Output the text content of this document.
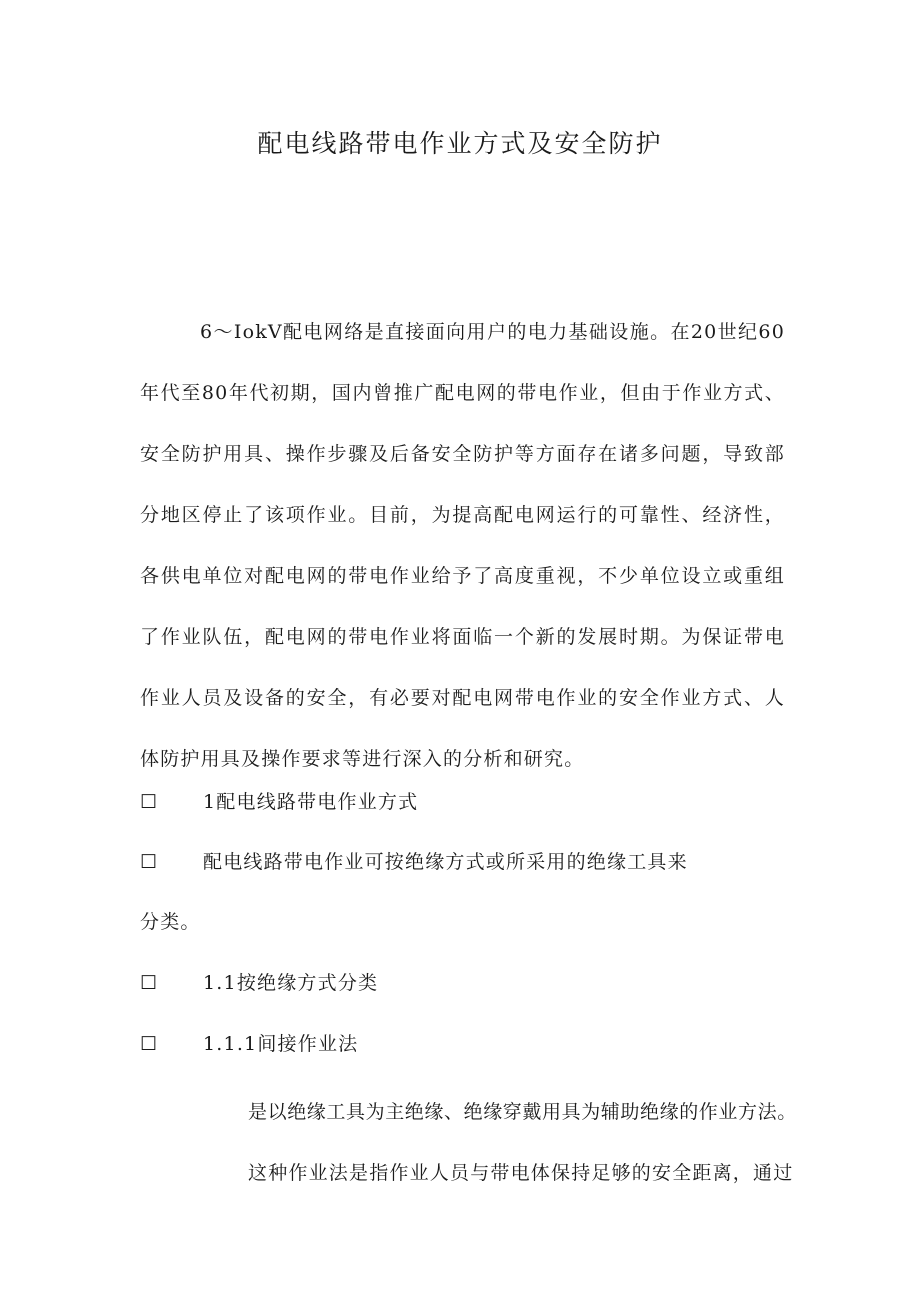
配电线路带电作业方式及安全防护

6～IokV配电网络是直接面向用户的电力基础设施。在20世纪60年代至80年代初期，国内曾推广配电网的带电作业，但由于作业方式、安全防护用具、操作步骤及后备安全防护等方面存在诸多问题，导致部分地区停止了该项作业。目前，为提高配电网运行的可靠性、经济性，各供电单位对配电网的带电作业给予了高度重视，不少单位设立或重组了作业队伍，配电网的带电作业将面临一个新的发展时期。为保证带电作业人员及设备的安全，有必要对配电网带电作业的安全作业方式、人体防护用具及操作要求等进行深入的分析和研究。

☐ 1配电线路带电作业方式
☐ 配电线路带电作业可按绝缘方式或所采用的绝缘工具来
分类。
☐ 1.1按绝缘方式分类
☐ 1.1.1间接作业法
是以绝缘工具为主绝缘、绝缘穿戴用具为辅助绝缘的作业方法。
这种作业法是指作业人员与带电体保持足够的安全距离，通过
